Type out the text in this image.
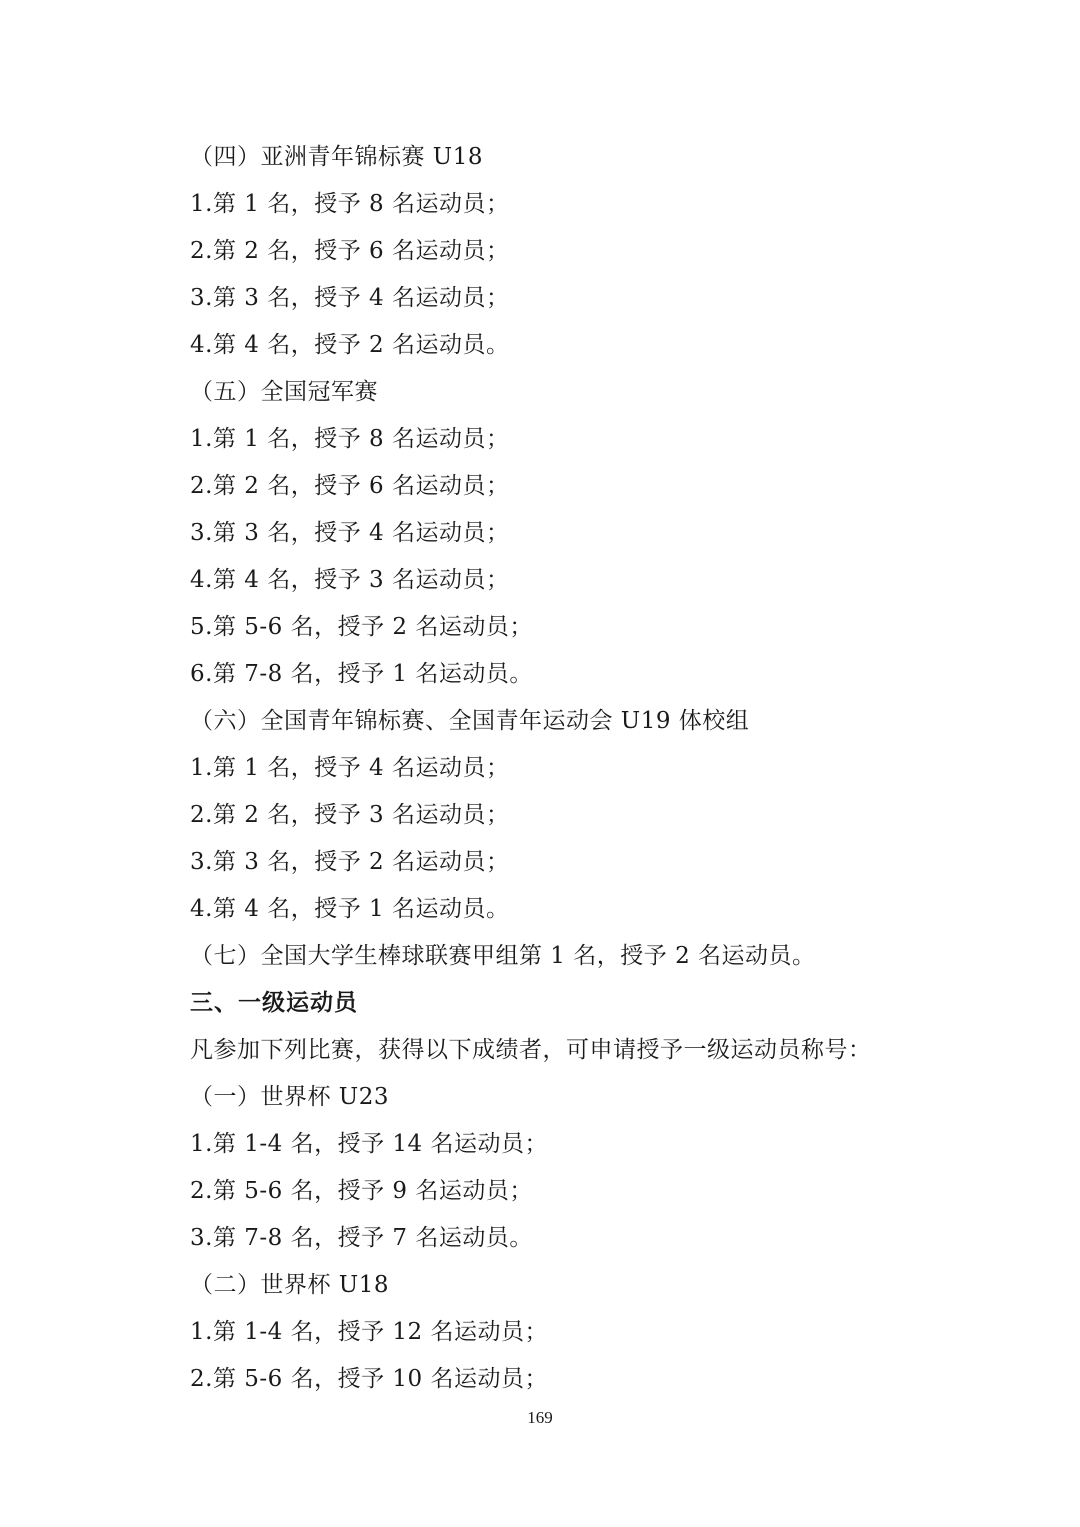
（四）亚洲青年锦标赛 U18
1.第 1 名，授予 8 名运动员；
2.第 2 名，授予 6 名运动员；
3.第 3 名，授予 4 名运动员；
4.第 4 名，授予 2 名运动员。
（五）全国冠军赛
1.第 1 名，授予 8 名运动员；
2.第 2 名，授予 6 名运动员；
3.第 3 名，授予 4 名运动员；
4.第 4 名，授予 3 名运动员；
5.第 5-6 名，授予 2 名运动员；
6.第 7-8 名，授予 1 名运动员。
（六）全国青年锦标赛、全国青年运动会 U19 体校组
1.第 1 名，授予 4 名运动员；
2.第 2 名，授予 3 名运动员；
3.第 3 名，授予 2 名运动员；
4.第 4 名，授予 1 名运动员。
（七）全国大学生棒球联赛甲组第 1 名，授予 2 名运动员。
三、一级运动员
凡参加下列比赛，获得以下成绩者，可申请授予一级运动员称号：
（一）世界杯 U23
1.第 1-4 名，授予 14 名运动员；
2.第 5-6 名，授予 9 名运动员；
3.第 7-8 名，授予 7 名运动员。
（二）世界杯 U18
1.第 1-4 名，授予 12 名运动员；
2.第 5-6 名，授予 10 名运动员；
169
